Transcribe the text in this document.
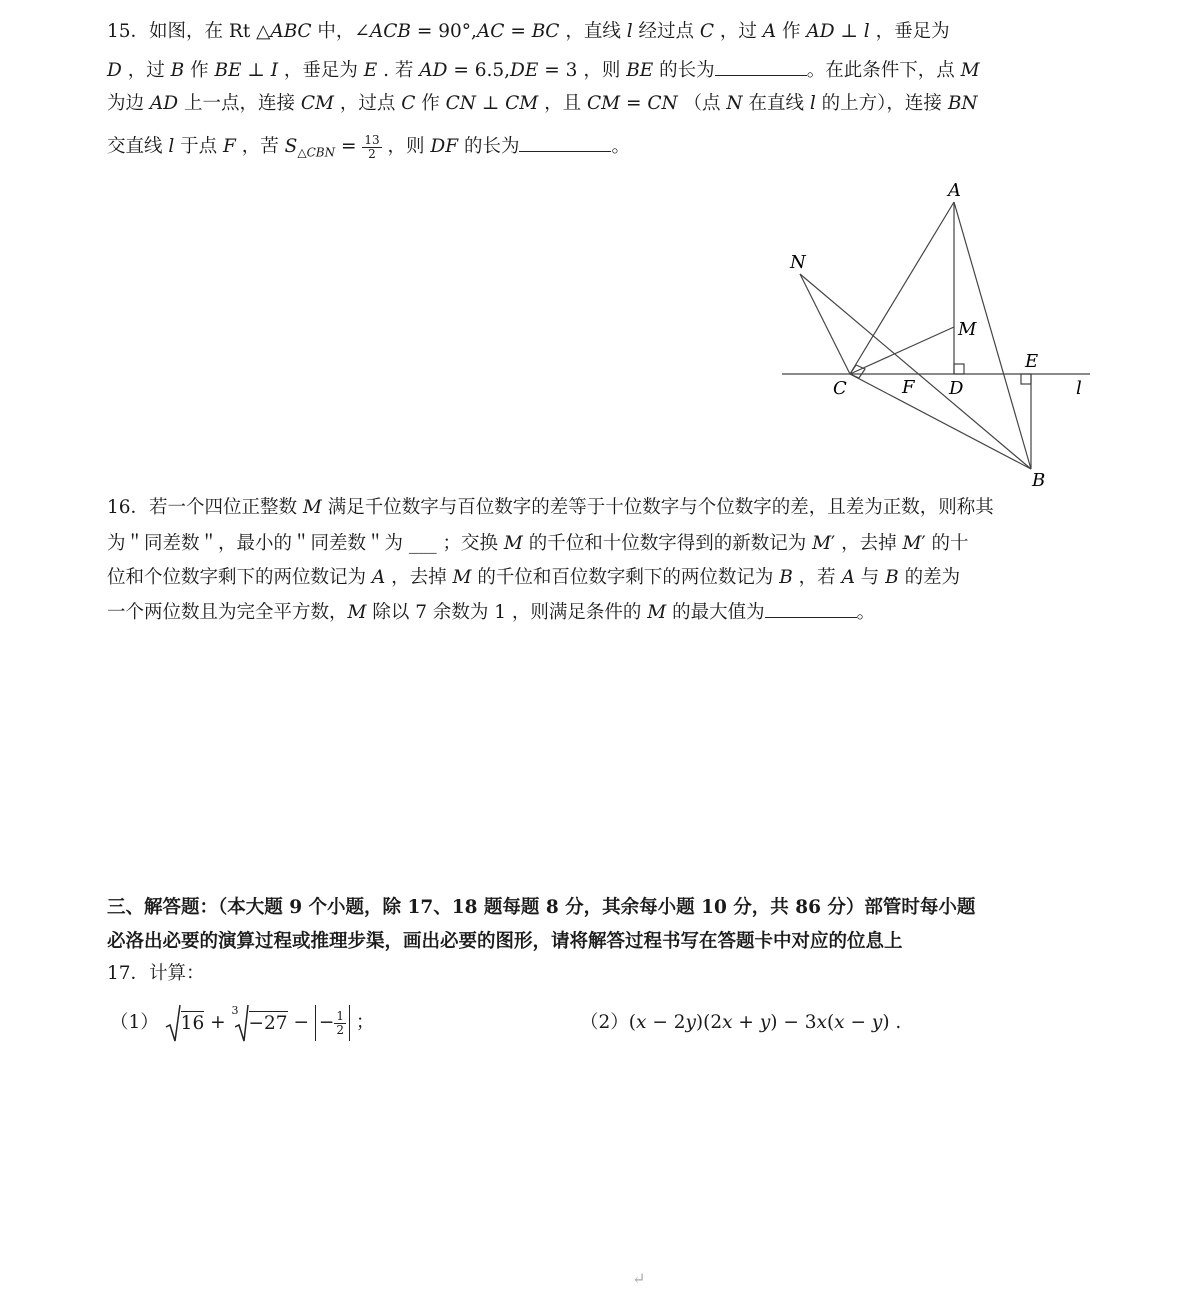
15．如图，在 Rt △𝐴𝐵𝐶 中，∠𝐴𝐶𝐵 = 90°,𝐴𝐶 = 𝐵𝐶 ，直线 𝑙 经过点 𝐶 ，过 𝐴 作 𝐴𝐷 ⊥ 𝑙 ，垂足为
𝐷 ，过 𝐵 作 𝐵𝐸 ⊥ 𝐼 ，垂足为 𝐸 . 若 𝐴𝐷 = 6.5,𝐷𝐸 = 3 ，则 𝐵𝐸 的长为	。在此条件下，点 𝑀
为边 𝐴𝐷 上一点，连接 𝐶𝑀 ，过点 𝐶 作 𝐶𝑁 ⊥ 𝐶𝑀 ，且 𝐶𝑀 = 𝐶𝑁 （点 𝑁 在直线 𝑙 的上方），连接 𝐵𝑁
交直线 𝑙 于点 𝐹 ，苦 𝑆$_{\triangle 𝐶𝐵𝑁}$ = $\frac{13}{2}$ ，则 𝐷𝐹 的长为	。
A
N
M
E
C	F D	l
B
16．若一个四位正整数 𝑀 满足千位数字与百位数字的差等于十位数字与个位数字的差，且差为正数，则称其
为＂同差数＂，最小的＂同差数＂为 ___ ；交换 𝑀 的千位和十位数字得到的新数记为 𝑀′ ，去掉 𝑀′ 的十
位和个位数字剩下的两位数记为 𝐴 ，去掉 𝑀 的千位和百位数字剩下的两位数记为 𝐵 ，若 𝐴 与 𝐵 的差为
一个两位数且为完全平方数，𝑀 除以 7 余数为 1 ，则满足条件的 𝑀 的最大值为	。
三、解答题：（本大题 9 个小题，除 17、18 题每题 8 分，其余每小题 10 分，共 86 分）部管时每小题
必洛出必要的演算过程或推理步渠，画出必要的图形，请将解答过程书写在答题卡中对应的位息上
17．计算：
（1） 16 + $^3$−27 − − $\frac{1}{2}$ ；	（2）(𝑥 − 2𝑦)(2𝑥 + 𝑦) − 3𝑥(𝑥 − 𝑦) .
↵
